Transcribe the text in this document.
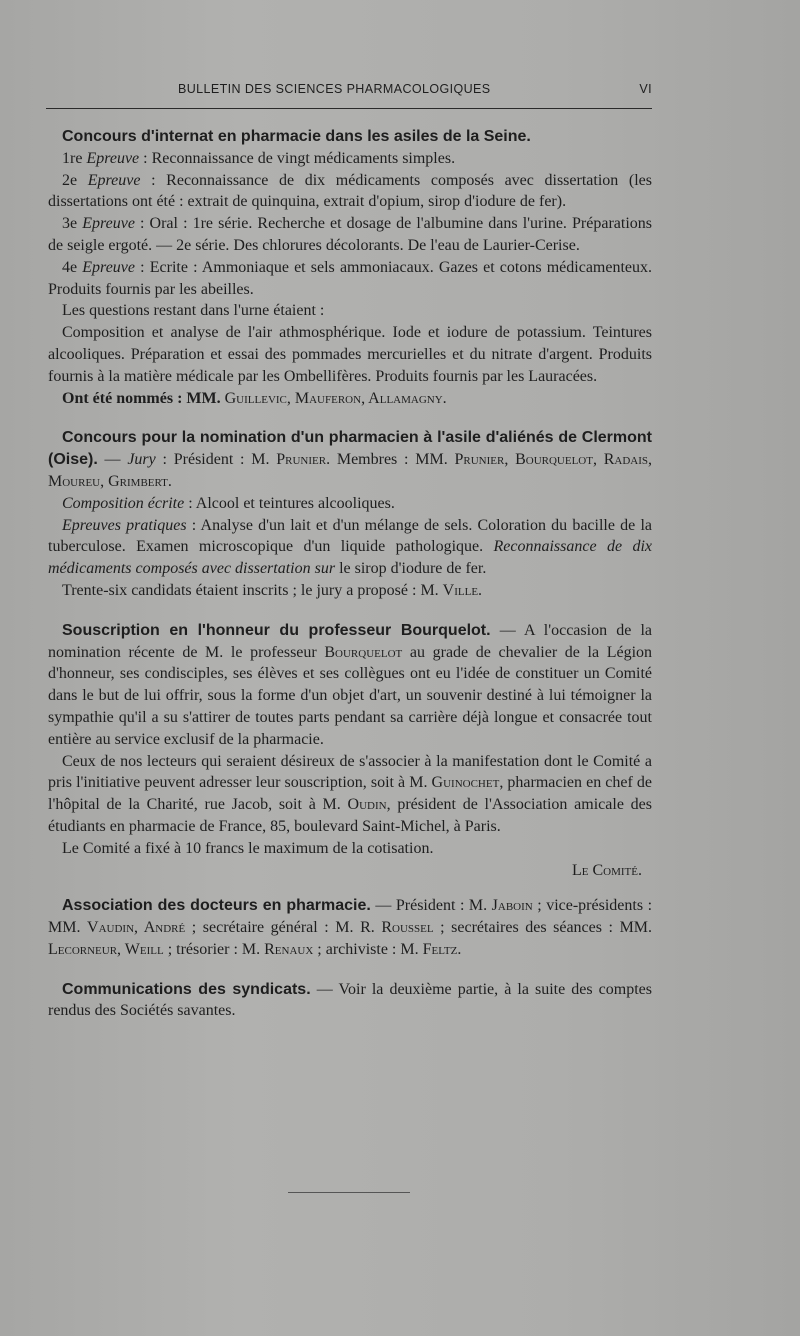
BULLETIN DES SCIENCES PHARMACOLOGIQUES	VI

Concours d'internat en pharmacie dans les asiles de la Seine.

1re Epreuve : Reconnaissance de vingt médicaments simples.

2e Epreuve : Reconnaissance de dix médicaments composés avec dissertation (les dissertations ont été : extrait de quinquina, extrait d'opium, sirop d'iodure de fer).

3e Epreuve : Oral : 1re série. Recherche et dosage de l'albumine dans l'urine. Préparations de seigle ergoté. — 2e série. Des chlorures décolorants. De l'eau de Laurier-Cerise.

4e Epreuve : Ecrite : Ammoniaque et sels ammoniacaux. Gazes et cotons médicamenteux. Produits fournis par les abeilles.

Les questions restant dans l'urne étaient :

Composition et analyse de l'air athmosphérique. Iode et iodure de potassium. Teintures alcooliques. Préparation et essai des pommades mercurielles et du nitrate d'argent. Produits fournis à la matière médicale par les Ombellifères. Produits fournis par les Lauracées.

Ont été nommés : MM. Guillevic, Mauferon, Allamagny.

Concours pour la nomination d'un pharmacien à l'asile d'aliénés de Clermont (Oise). — Jury : Président : M. Prunier. Membres : MM. Prunier, Bourquelot, Radais, Moureu, Grimbert.

Composition écrite : Alcool et teintures alcooliques.

Epreuves pratiques : Analyse d'un lait et d'un mélange de sels. Coloration du bacille de la tuberculose. Examen microscopique d'un liquide pathologique. Reconnaissance de dix médicaments composés avec dissertation sur le sirop d'iodure de fer.

Trente-six candidats étaient inscrits ; le jury a proposé : M. Ville.

Souscription en l'honneur du professeur Bourquelot. — A l'occasion de la nomination récente de M. le professeur Bourquelot au grade de chevalier de la Légion d'honneur, ses condisciples, ses élèves et ses collègues ont eu l'idée de constituer un Comité dans le but de lui offrir, sous la forme d'un objet d'art, un souvenir destiné à lui témoigner la sympathie qu'il a su s'attirer de toutes parts pendant sa carrière déjà longue et consacrée tout entière au service exclusif de la pharmacie.

Ceux de nos lecteurs qui seraient désireux de s'associer à la manifestation dont le Comité a pris l'initiative peuvent adresser leur souscription, soit à M. Guinochet, pharmacien en chef de l'hôpital de la Charité, rue Jacob, soit à M. Oudin, président de l'Association amicale des étudiants en pharmacie de France, 85, boulevard Saint-Michel, à Paris.

Le Comité a fixé à 10 francs le maximum de la cotisation.

Le Comité.

Association des docteurs en pharmacie. — Président : M. Jaboin ; vice-présidents : MM. Vaudin, André ; secrétaire général : M. R. Roussel ; secrétaires des séances : MM. Lecorneur, Weill ; trésorier : M. Renaux ; archiviste : M. Feltz.

Communications des syndicats. — Voir la deuxième partie, à la suite des comptes rendus des Sociétés savantes.
